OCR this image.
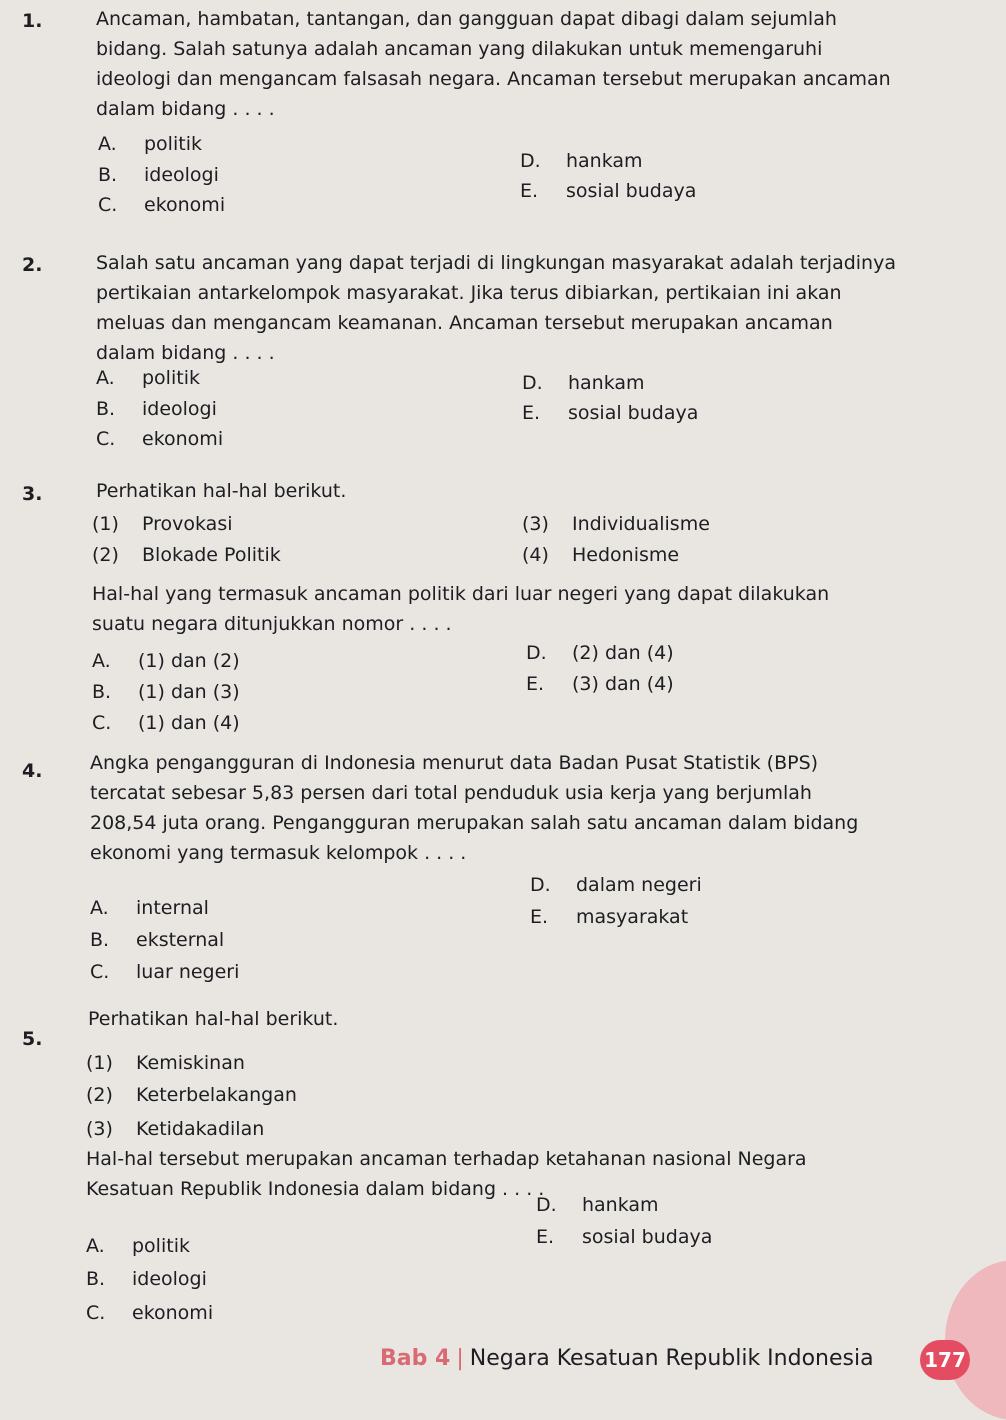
1.	Ancaman, hambatan, tantangan, dan gangguan dapat dibagi dalam sejumlah
bidang. Salah satunya adalah ancaman yang dilakukan untuk memengaruhi
ideologi dan mengancam falsasah negara. Ancaman tersebut merupakan ancaman
dalam bidang . . . .
A. politik
B. ideologi
C. ekonomi
D. hankam
E. sosial budaya
2.	Salah satu ancaman yang dapat terjadi di lingkungan masyarakat adalah terjadinya
pertikaian antarkelompok masyarakat. Jika terus dibiarkan, pertikaian ini akan
meluas dan mengancam keamanan. Ancaman tersebut merupakan ancaman
dalam bidang . . . .
A. politik
B. ideologi
C. ekonomi
D. hankam
E. sosial budaya
3.	Perhatikan hal-hal berikut.
(1) Provokasi
(2) Blokade Politik
(3) Individualisme
(4) Hedonisme
Hal-hal yang termasuk ancaman politik dari luar negeri yang dapat dilakukan
suatu negara ditunjukkan nomor . . . .
A. (1) dan (2)
B. (1) dan (3)
C. (1) dan (4)
D. (2) dan (4)
E. (3) dan (4)
4.	Angka pengangguran di Indonesia menurut data Badan Pusat Statistik (BPS)
tercatat sebesar 5,83 persen dari total penduduk usia kerja yang berjumlah
208,54 juta orang. Pengangguran merupakan salah satu ancaman dalam bidang
ekonomi yang termasuk kelompok . . . .
A. internal
B. eksternal
C. luar negeri
D. dalam negeri
E. masyarakat
5.
Perhatikan hal-hal berikut.
(1) Kemiskinan
(2) Keterbelakangan
(3) Ketidakadilan
Hal-hal tersebut merupakan ancaman terhadap ketahanan nasional Negara
Kesatuan Republik Indonesia dalam bidang . . . .
A. politik
B. ideologi
C. ekonomi
D. hankam
E. sosial budaya
Bab 4 | Negara Kesatuan Republik Indonesia	177
